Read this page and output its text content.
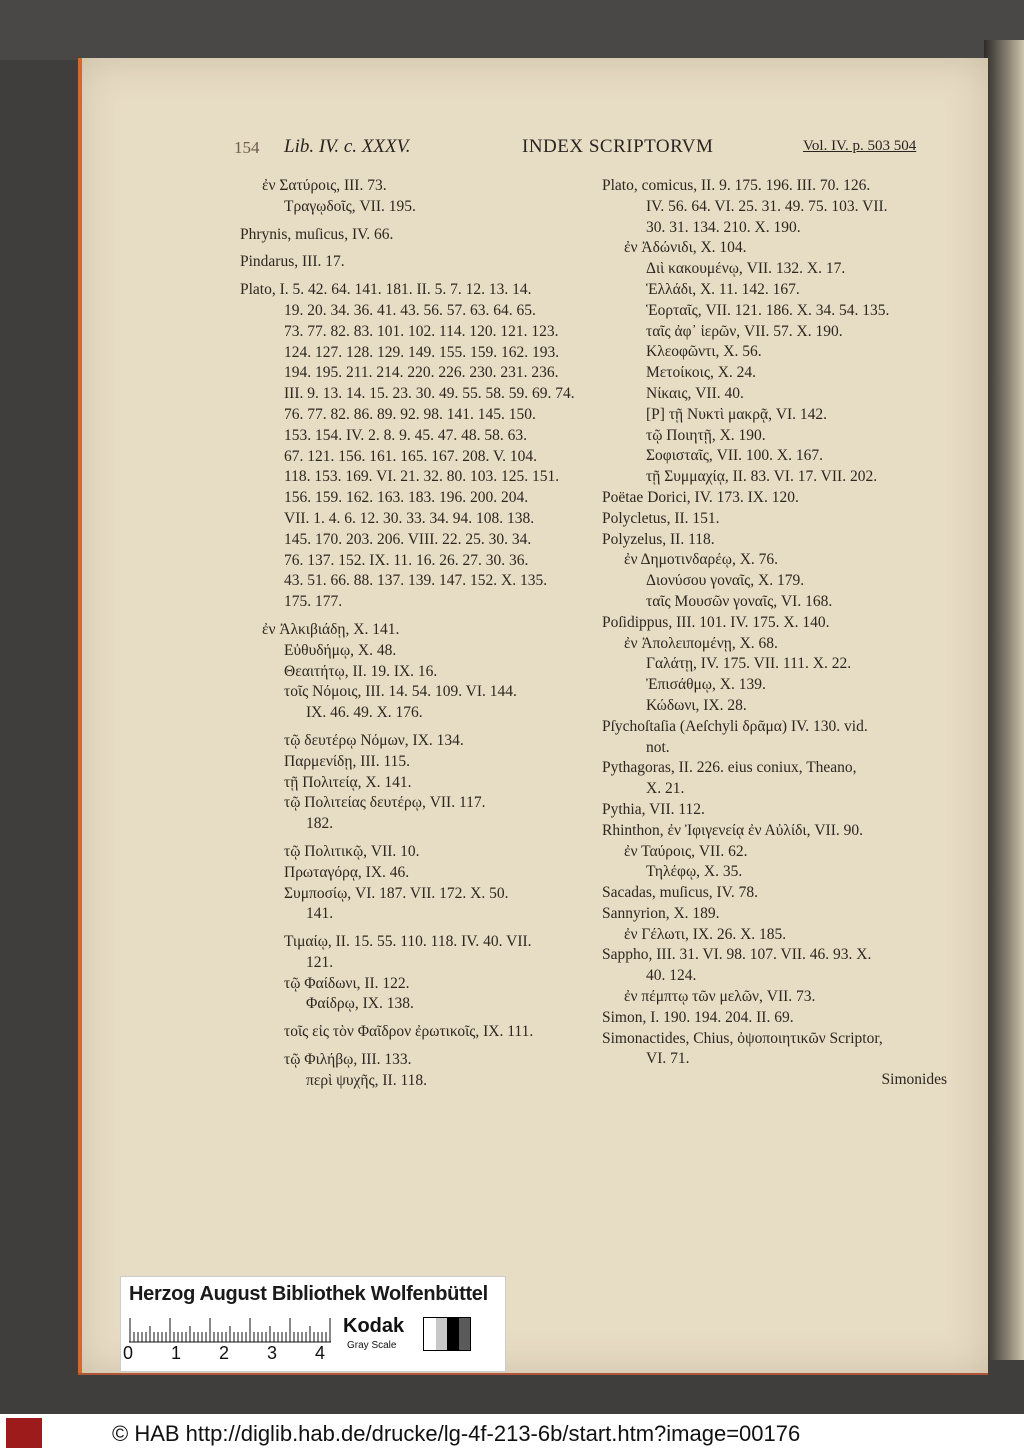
154 Lib. IV. c. XXXV.	INDEX SCRIPTORVM	Vol. IV. p. 503 504
ἐν Σατύροις, III. 73.
Τραγῳδοῖς, VII. 195.
Phrynis, muſicus, IV. 66.
Pindarus, III. 17.
Plato, I. 5. 42. 64. 141. 181. II. 5. 7. 12. 13. 14.
19. 20. 34. 36. 41. 43. 56. 57. 63. 64. 65.
73. 77. 82. 83. 101. 102. 114. 120. 121. 123.
124. 127. 128. 129. 149. 155. 159. 162. 193.
194. 195. 211. 214. 220. 226. 230. 231. 236.
III. 9. 13. 14. 15. 23. 30. 49. 55. 58. 59. 69. 74.
76. 77. 82. 86. 89. 92. 98. 141. 145. 150.
153. 154. IV. 2. 8. 9. 45. 47. 48. 58. 63.
67. 121. 156. 161. 165. 167. 208. V. 104.
118. 153. 169. VI. 21. 32. 80. 103. 125. 151.
156. 159. 162. 163. 183. 196. 200. 204.
VII. 1. 4. 6. 12. 30. 33. 34. 94. 108. 138.
145. 170. 203. 206. VIII. 22. 25. 30. 34.
76. 137. 152. IX. 11. 16. 26. 27. 30. 36.
43. 51. 66. 88. 137. 139. 147. 152. X. 135.
175. 177.
ἐν Ἀλκιβιάδῃ, X. 141.
Εὐθυδήμῳ, X. 48.
Θεαιτήτῳ, II. 19. IX. 16.
τοῖς Νόμοις, III. 14. 54. 109. VI. 144.
IX. 46. 49. X. 176.
τῷ δευτέρῳ Νόμων, IX. 134.
Παρμενίδῃ, III. 115.
τῇ Πολιτείᾳ, X. 141.
τῷ Πολιτείας δευτέρῳ, VII. 117.
182.
τῷ Πολιτικῷ, VII. 10.
Πρωταγόρᾳ, IX. 46.
Συμποσίῳ, VI. 187. VII. 172. X. 50.
141.
Τιμαίῳ, II. 15. 55. 110. 118. IV. 40. VII.
121.
τῷ Φαίδωνι, II. 122.
Φαίδρῳ, IX. 138.
τοῖς εἰς τὸν Φαῖδρον ἐρωτικοῖς, IX. 111.
τῷ Φιλήβῳ, III. 133.
περὶ ψυχῆς, II. 118.
Plato, comicus, II. 9. 175. 196. III. 70. 126.
IV. 56. 64. VI. 25. 31. 49. 75. 103. VII.
30. 31. 134. 210. X. 190.
ἐν Ἀδώνιδι, X. 104.
Διὶ κακουμένῳ, VII. 132. X. 17.
Ἑλλάδι, X. 11. 142. 167.
Ἑορταῖς, VII. 121. 186. X. 34. 54. 135.
ταῖς ἀφ᾽ ἱερῶν, VII. 57. X. 190.
Κλεοφῶντι, X. 56.
Μετοίκοις, X. 24.
Νίκαις, VII. 40.
[Ρ] τῇ Νυκτὶ μακρᾷ, VI. 142.
τῷ Ποιητῇ, X. 190.
Σοφισταῖς, VII. 100. X. 167.
τῇ Συμμαχίᾳ, II. 83. VI. 17. VII. 202.
Poëtae Dorici, IV. 173. IX. 120.
Polycletus, II. 151.
Polyzelus, II. 118.
ἐν Δημοτινδαρέῳ, X. 76.
Διονύσου γοναῖς, X. 179.
ταῖς Μουσῶν γοναῖς, VI. 168.
Poſidippus, III. 101. IV. 175. X. 140.
ἐν Ἀπολειπομένῃ, X. 68.
Γαλάτῃ, IV. 175. VII. 111. X. 22.
Ἐπισάθμῳ, X. 139.
Κώδωνι, IX. 28.
Pſychoſtaſia (Aeſchyli δρᾶμα) IV. 130. vid.
not.
Pythagoras, II. 226. eius coniux, Theano,
X. 21.
Pythia, VII. 112.
Rhinthon, ἐν Ἰφιγενείᾳ ἐν Αὐλίδι, VII. 90.
ἐν Ταύροις, VII. 62.
Τηλέφῳ, X. 35.
Sacadas, muſicus, IV. 78.
Sannyrion, X. 189.
ἐν Γέλωτι, IX. 26. X. 185.
Sappho, III. 31. VI. 98. 107. VII. 46. 93. X.
40. 124.
ἐν πέμπτῳ τῶν μελῶν, VII. 73.
Simon, I. 190. 194. 204. II. 69.
Simonactides, Chius, ὀψοποιητικῶν Scriptor,
VI. 71.
Simonides
Herzog August Bibliothek Wolfenbüttel
0 1 2 3 4
Kodak
Gray Scale
© HAB http://diglib.hab.de/drucke/lg-4f-213-6b/start.htm?image=00176
